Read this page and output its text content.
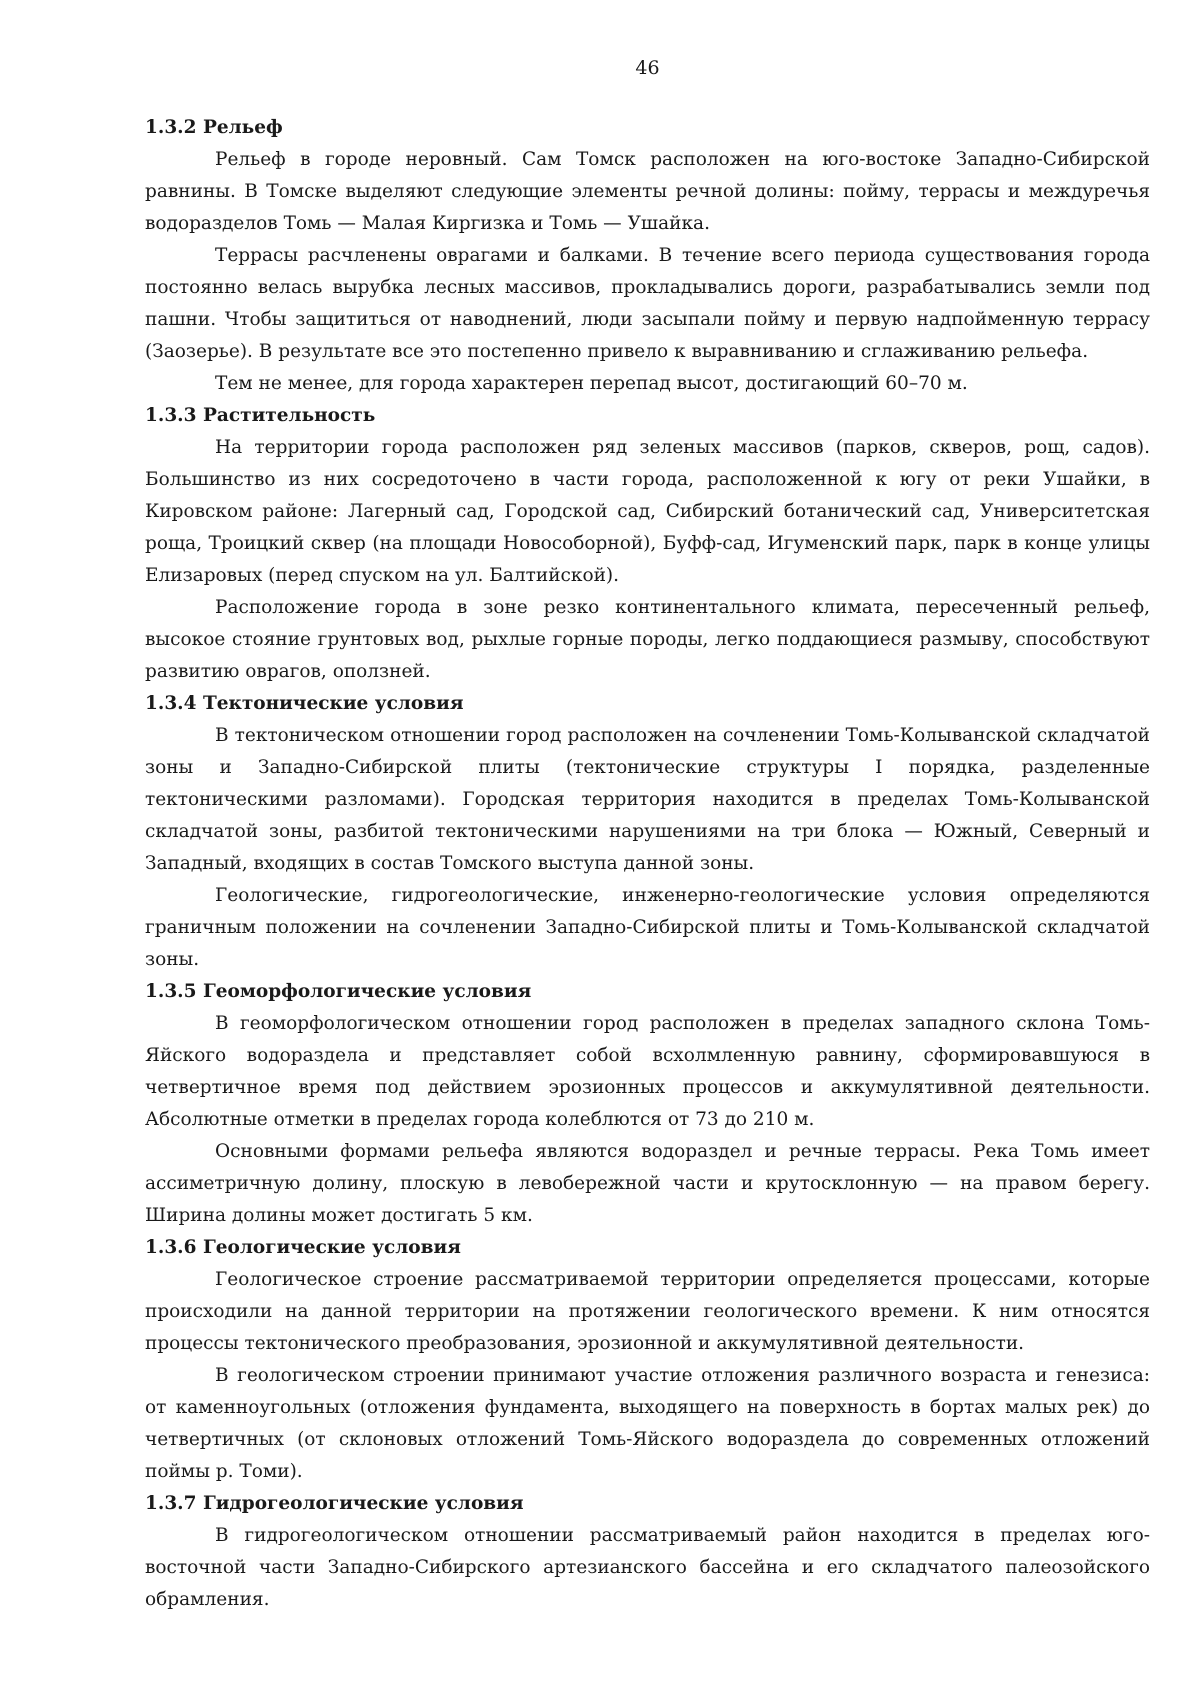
46
1.3.2 Рельеф

Рельеф в городе неровный. Сам Томск расположен на юго-востоке Западно-Сибирской равнины. В Томске выделяют следующие элементы речной долины: пойму, террасы и междуречья водоразделов Томь — Малая Киргизка и Томь — Ушайка.

Террасы расчленены оврагами и балками. В течение всего периода существования города постоянно велась вырубка лесных массивов, прокладывались дороги, разрабатывались земли под пашни. Чтобы защититься от наводнений, люди засыпали пойму и первую надпойменную террасу (Заозерье). В результате все это постепенно привело к выравниванию и сглаживанию рельефа.

Тем не менее, для города характерен перепад высот, достигающий 60–70 м.

1.3.3 Растительность

На территории города расположен ряд зеленых массивов (парков, скверов, рощ, садов). Большинство из них сосредоточено в части города, расположенной к югу от реки Ушайки, в Кировском районе: Лагерный сад, Городской сад, Сибирский ботанический сад, Университетская роща, Троицкий сквер (на площади Новособорной), Буфф-сад, Игуменский парк, парк в конце улицы Елизаровых (перед спуском на ул. Балтийской).

Расположение города в зоне резко континентального климата, пересеченный рельеф, высокое стояние грунтовых вод, рыхлые горные породы, легко поддающиеся размыву, способствуют развитию оврагов, оползней.

1.3.4 Тектонические условия

В тектоническом отношении город расположен на сочленении Томь-Колыванской складчатой зоны и Западно-Сибирской плиты (тектонические структуры I порядка, разделенные тектоническими разломами). Городская территория находится в пределах Томь-Колыванской складчатой зоны, разбитой тектоническими нарушениями на три блока — Южный, Северный и Западный, входящих в состав Томского выступа данной зоны.

Геологические, гидрогеологические, инженерно-геологические условия определяются граничным положении на сочленении Западно-Сибирской плиты и Томь-Колыванской складчатой зоны.

1.3.5 Геоморфологические условия

В геоморфологическом отношении город расположен в пределах западного склона Томь-Яйского водораздела и представляет собой всхолмленную равнину, сформировавшуюся в четвертичное время под действием эрозионных процессов и аккумулятивной деятельности. Абсолютные отметки в пределах города колеблются от 73 до 210 м.

Основными формами рельефа являются водораздел и речные террасы. Река Томь имеет ассиметричную долину, плоскую в левобережной части и крутосклонную — на правом берегу. Ширина долины может достигать 5 км.

1.3.6 Геологические условия

Геологическое строение рассматриваемой территории определяется процессами, которые происходили на данной территории на протяжении геологического времени. К ним относятся процессы тектонического преобразования, эрозионной и аккумулятивной деятельности.

В геологическом строении принимают участие отложения различного возраста и генезиса: от каменноугольных (отложения фундамента, выходящего на поверхность в бортах малых рек) до четвертичных (от склоновых отложений Томь-Яйского водораздела до современных отложений поймы р. Томи).

1.3.7 Гидрогеологические условия

В гидрогеологическом отношении рассматриваемый район находится в пределах юго-восточной части Западно-Сибирского артезианского бассейна и его складчатого палеозойского обрамления.
